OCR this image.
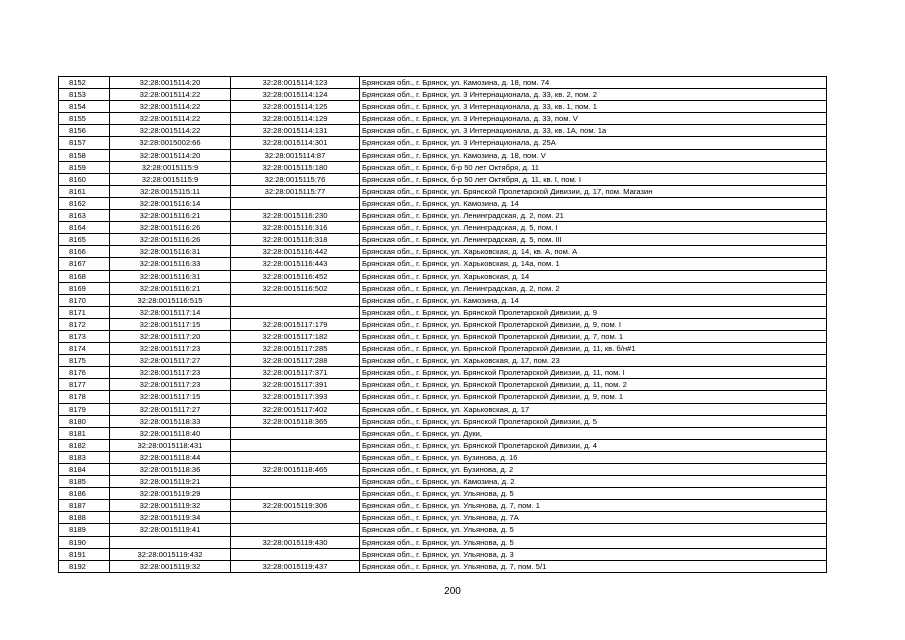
8152	32:28:0015114:20	32:28:0015114:123	Брянская обл., г. Брянск, ул. Камозина, д. 18, пом. 74
8153	32:28:0015114:22	32:28:0015114:124	Брянская обл., г. Брянск, ул. 3 Интернационала, д. 33, кв. 2, пом. 2
8154	32:28:0015114:22	32:28:0015114:125	Брянская обл., г. Брянск, ул. 3 Интернационала, д. 33, кв. 1, пом. 1
8155	32:28:0015114:22	32:28:0015114:129	Брянская обл., г. Брянск, ул. 3 Интернационала, д. 33, пом. V
8156	32:28:0015114:22	32:28:0015114:131	Брянская обл., г. Брянск, ул. 3 Интернационала, д. 33, кв. 1А, пом. 1а
8157	32:28:0015002:66	32:28:0015114:301	Брянская обл., г. Брянск, ул. 3 Интернационала, д. 25А
8158	32:28:0015114:20	32:28:0015114:87	Брянская обл., г. Брянск, ул. Камозина, д. 18, пом. V
8159	32:28:0015115:9	32:28:0015115:180	Брянская обл., г. Брянск, б-р 50 лет Октября, д. 11
8160	32:28:0015115:9	32:28:0015115:76	Брянская обл., г. Брянск, б-р 50 лет Октября, д. 11, кв. I, пом. I
8161	32:28:0015115:11	32:28:0015115:77	Брянская обл., г. Брянск, ул. Брянской Пролетарской Дивизии, д. 17, пом. Магазин
8162	32:28:0015116:14		Брянская обл., г. Брянск, ул. Камозина, д. 14
8163	32:28:0015116:21	32:28:0015116:230	Брянская обл., г. Брянск, ул. Ленинградская, д. 2, пом. 21
8164	32:28:0015116:26	32:28:0015116:316	Брянская обл., г. Брянск, ул. Ленинградская, д. 5, пом. I
8165	32:28:0015116:26	32:28:0015116:318	Брянская обл., г. Брянск, ул. Ленинградская, д. 5, пом. III
8166	32:28:0015116:31	32:28:0015116:442	Брянская обл., г. Брянск, ул. Харьковская, д. 14, кв. А, пом. А
8167	32:28:0015116:33	32:28:0015116:443	Брянская обл., г. Брянск, ул. Харьковская, д. 14а, пом. 1
8168	32:28:0015116:31	32:28:0015116:452	Брянская обл., г. Брянск, ул. Харьковская, д. 14
8169	32:28:0015116:21	32:28:0015116:502	Брянская обл., г. Брянск, ул. Ленинградская, д. 2, пом. 2
8170	32:28:0015116:515		Брянская обл., г. Брянск, ул. Камозина, д. 14
8171	32:28:0015117:14		Брянская обл., г. Брянск, ул. Брянской Пролетарской Дивизии, д. 9
8172	32:28:0015117:15	32:28:0015117:179	Брянская обл., г. Брянск, ул. Брянской Пролетарской Дивизии, д. 9, пом. I
8173	32:28:0015117:20	32:28:0015117:182	Брянская обл., г. Брянск, ул. Брянской Пролетарской Дивизии, д. 7, пом. 1
8174	32:28:0015117:23	32:28:0015117:285	Брянская обл., г. Брянск, ул. Брянской Пролетарской Дивизии, д. 11, кв. б/н#1
8175	32:28:0015117:27	32:28:0015117:288	Брянская обл., г. Брянск, ул. Харьковская, д. 17, пом. 23
8176	32:28:0015117:23	32:28:0015117:371	Брянская обл., г. Брянск, ул. Брянской Пролетарской Дивизии, д. 11, пом. I
8177	32:28:0015117:23	32:28:0015117:391	Брянская обл., г. Брянск, ул. Брянской Пролетарской Дивизии, д. 11, пом. 2
8178	32:28:0015117:15	32:28:0015117:393	Брянская обл., г. Брянск, ул. Брянской Пролетарской Дивизии, д. 9, пом. 1
8179	32:28:0015117:27	32:28:0015117:402	Брянская обл., г. Брянск, ул. Харьковская, д. 17
8180	32:28:0015118:33	32:28:0015118:365	Брянская обл., г. Брянск, ул. Брянской Пролетарской Дивизии, д. 5
8181	32:28:0015118:40		Брянская обл., г. Брянск, ул. Дуки,
8182	32:28:0015118:431		Брянская обл., г. Брянск, ул. Брянской Пролетарской Дивизии, д. 4
8183	32:28:0015118:44		Брянская обл., г. Брянск, ул. Бузинова, д. 16
8184	32:28:0015118:36	32:28:0015118:465	Брянская обл., г. Брянск, ул. Бузинова, д. 2
8185	32:28:0015119:21		Брянская обл., г. Брянск, ул. Камозина, д. 2
8186	32:28:0015119:29		Брянская обл., г. Брянск, ул. Ульянова, д. 5
8187	32:28:0015119:32	32:28:0015119:306	Брянская обл., г. Брянск, ул. Ульянова, д. 7, пом. 1
8188	32:28:0015119:34		Брянская обл., г. Брянск, ул. Ульянова, д. 7А
8189	32:28:0015119:41		Брянская обл., г. Брянск, ул. Ульянова, д. 5
8190		32:28:0015119:430	Брянская обл., г. Брянск, ул. Ульянова, д. 5
8191	32:28:0015119:432		Брянская обл., г. Брянск, ул. Ульянова, д. 3
8192	32:28:0015119:32	32:28:0015119:437	Брянская обл., г. Брянск, ул. Ульянова, д. 7, пом. 5/1
200
